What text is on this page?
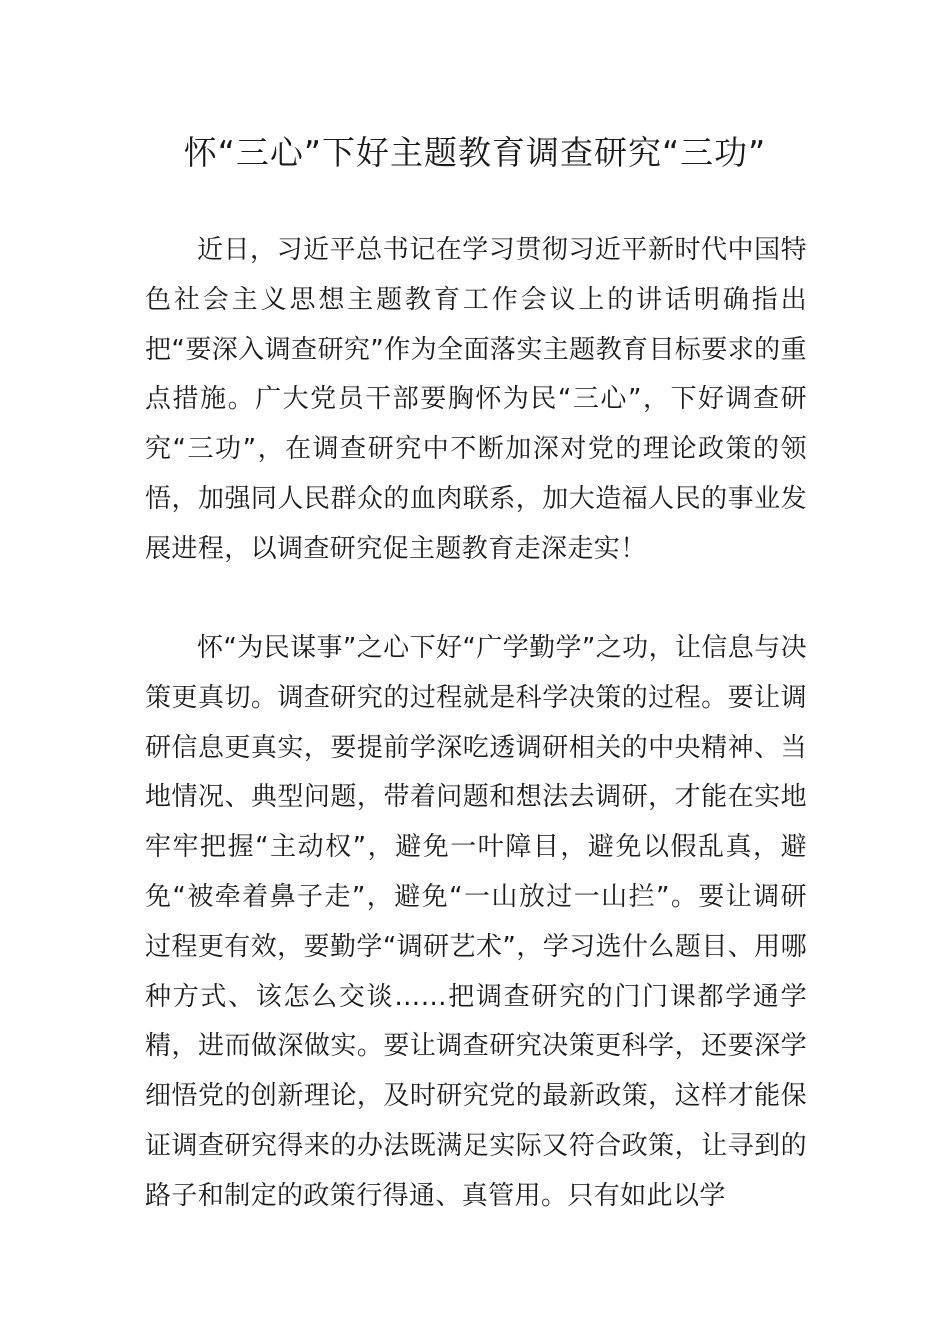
怀“三心”下好主题教育调查研究“三功”

近日，习近平总书记在学习贯彻习近平新时代中国特色社会主义思想主题教育工作会议上的讲话明确指出把“要深入调查研究”作为全面落实主题教育目标要求的重点措施。广大党员干部要胸怀为民“三心”，下好调查研究“三功”，在调查研究中不断加深对党的理论政策的领悟，加强同人民群众的血肉联系，加大造福人民的事业发展进程，以调查研究促主题教育走深走实！

怀“为民谋事”之心下好“广学勤学”之功，让信息与决策更真切。调查研究的过程就是科学决策的过程。要让调研信息更真实，要提前学深吃透调研相关的中央精神、当地情况、典型问题，带着问题和想法去调研，才能在实地牢牢把握“主动权”，避免一叶障目，避免以假乱真，避免“被牵着鼻子走”，避免“一山放过一山拦”。要让调研过程更有效，要勤学“调研艺术”，学习选什么题目、用哪种方式、该怎么交谈……把调查研究的门门课都学通学精，进而做深做实。要让调查研究决策更科学，还要深学细悟党的创新理论，及时研究党的最新政策，这样才能保证调查研究得来的办法既满足实际又符合政策，让寻到的路子和制定的政策行得通、真管用。只有如此以学
